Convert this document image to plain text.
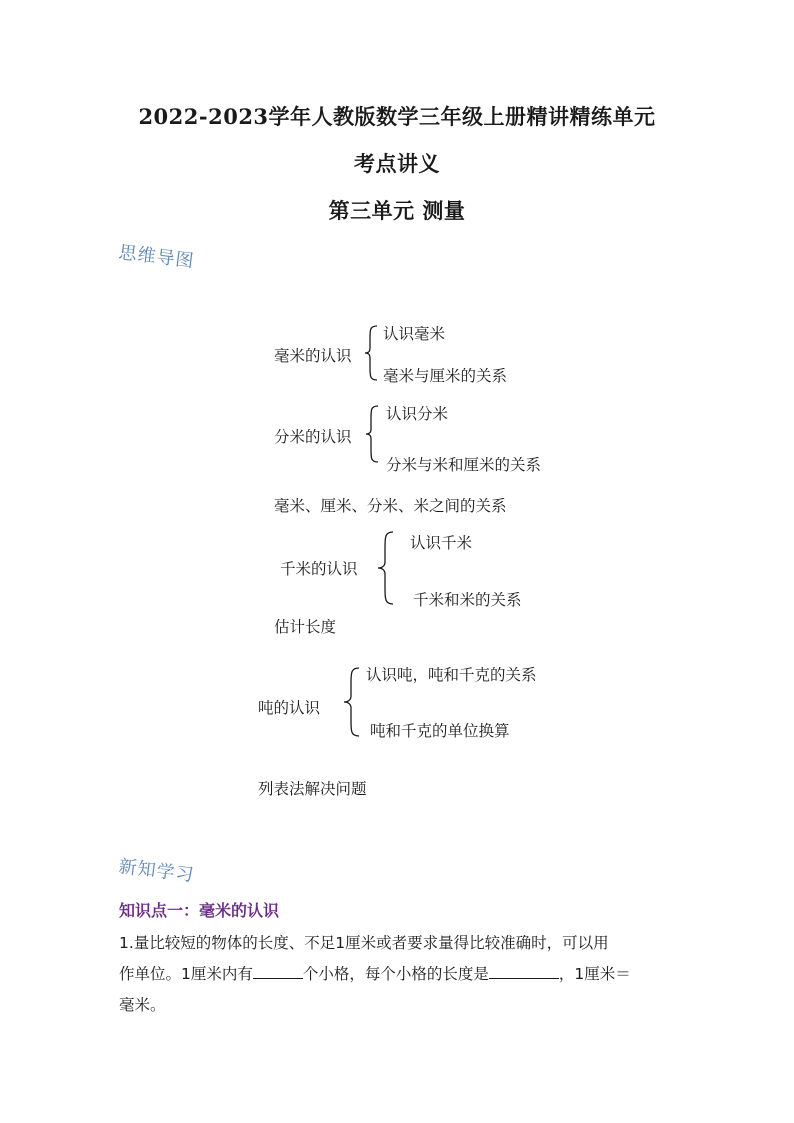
2022-2023学年人教版数学三年级上册精讲精练单元
考点讲义
第三单元 测量
思维导图
毫米的认识
认识毫米
毫米与厘米的关系
分米的认识
认识分米
分米与米和厘米的关系
毫米、厘米、分米、米之间的关系
千米的认识
认识千米
千米和米的关系
估计长度
吨的认识
认识吨，吨和千克的关系
吨和千克的单位换算
列表法解决问题
新知学习
知识点一：毫米的认识
1.量比较短的物体的长度、不足1厘米或者要求量得比较准确时，可以用
作单位。1厘米内有	个小格，每个小格的长度是	，1厘米＝
毫米。
